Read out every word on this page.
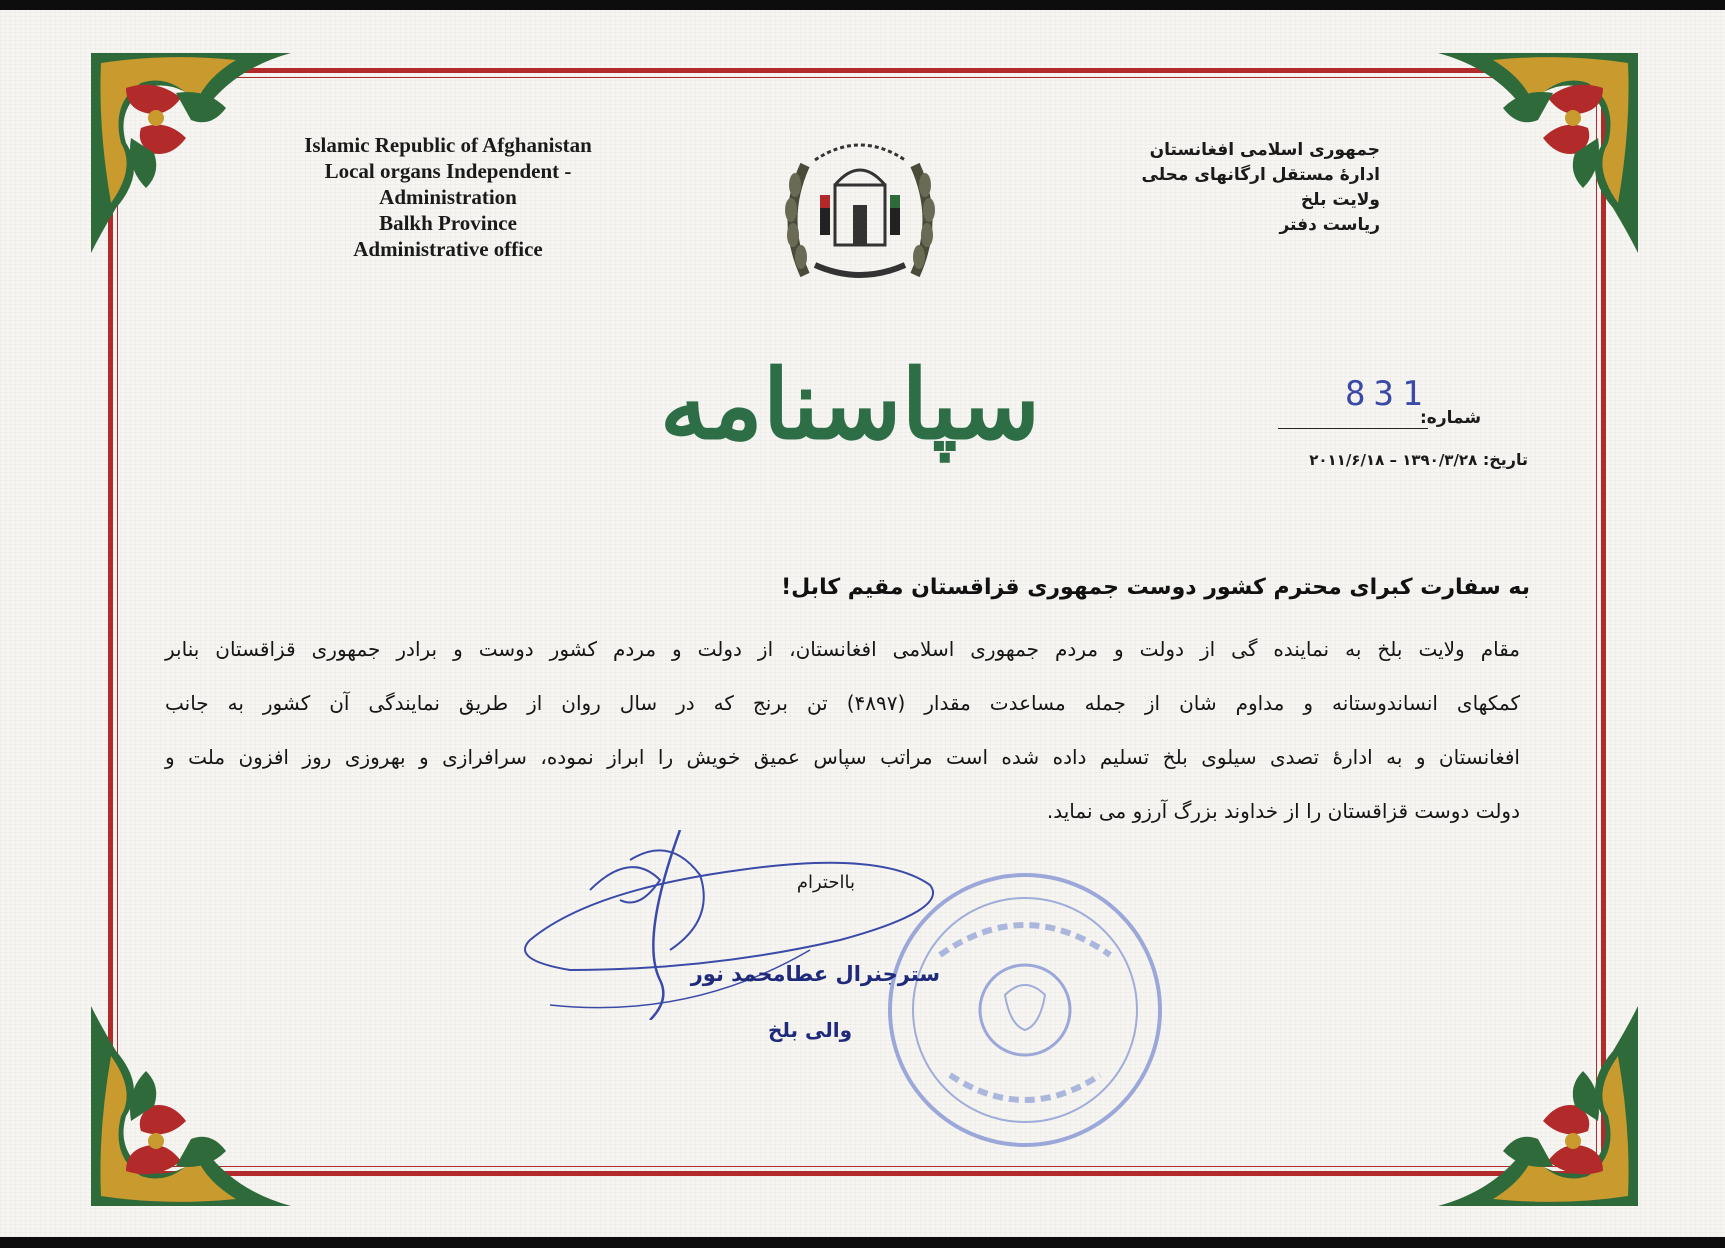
Islamic Republic of Afghanistan
Local organs Independent -
Administration
Balkh Province
Administrative office
جمهوری اسلامی افغانستان
ادارهٔ مستقل ارگانهای محلی
ولایت بلخ
ریاست دفتر
سپاسنامه	831
شماره:
تاریخ: ۱۳۹۰/۳/۲۸ – ۲۰۱۱/۶/۱۸
به سفارت کبرای محترم کشور دوست جمهوری قزاقستان مقیم کابل!
مقام ولایت بلخ به نماینده گی از دولت و مردم جمهوری اسلامی افغانستان، از دولت و مردم کشور دوست و برادر جمهوری قزاقستان بنابر
کمکهای انساندوستانه و مداوم شان از جمله مساعدت مقدار (۴۸۹۷) تن برنج که در سال روان از طریق نمایندگی آن کشور به جانب
افغانستان و به ادارهٔ تصدی سیلوی بلخ تسلیم داده شده است مراتب سپاس عمیق خویش را ابراز نموده، سرافرازی و بهروزی روز افزون ملت و
دولت دوست قزاقستان را از خداوند بزرگ آرزو می نماید.
بااحترام
سترجنرال عطامحمد نور
والی بلخ
